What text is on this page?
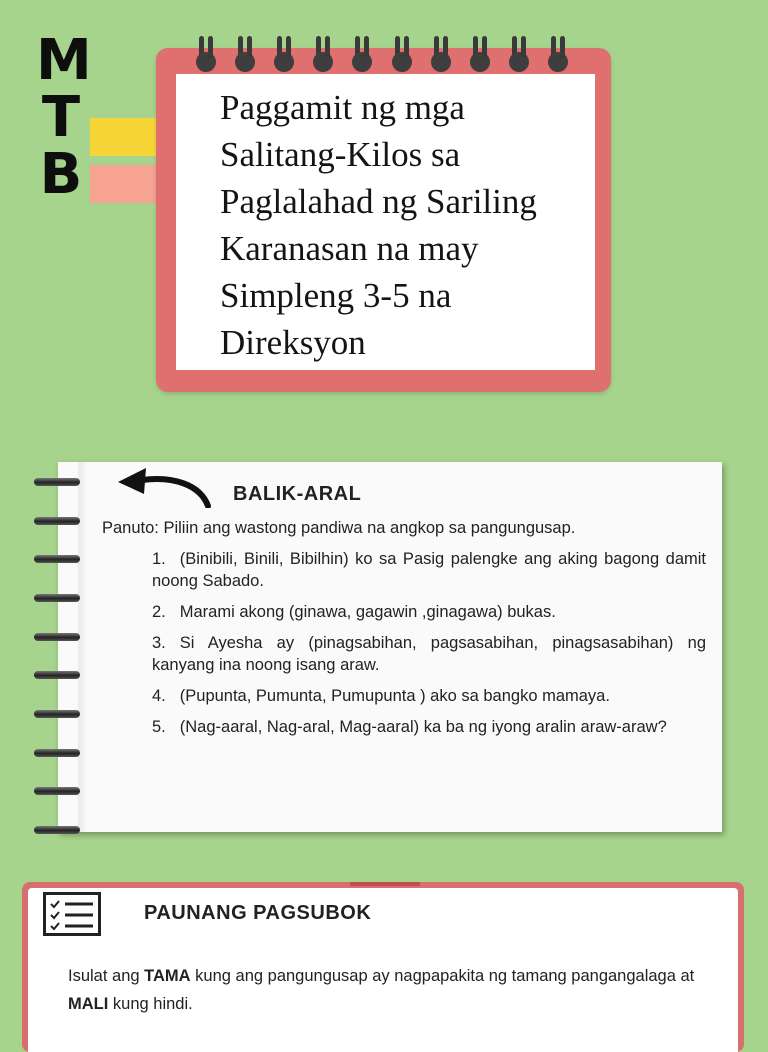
M
T
B
Paggamit ng mga
Salitang-Kilos sa
Paglalahad ng Sariling
Karanasan na may
Simpleng 3-5 na
Direksyon
BALIK-ARAL

Panuto: Piliin ang wastong pandiwa na angkop sa pangungusap.

1. (Binibili, Binili, Bibilhin) ko sa Pasig palengke ang aking bagong damit noong Sabado.

2. Marami akong (ginawa, gagawin ,ginagawa) bukas.

3. Si Ayesha ay (pinagsabihan, pagsasabihan, pinagsasabihan) ng kanyang ina noong isang araw.

4. (Pupunta, Pumunta, Pumupunta ) ako sa bangko mamaya.

5. (Nag-aaral, Nag-aral, Mag-aaral) ka ba ng iyong aralin araw-araw?

PAUNANG PAGSUBOK
Isulat ang TAMA kung ang pangungusap ay nagpapakita ng tamang pangangalaga at MALI kung hindi.
